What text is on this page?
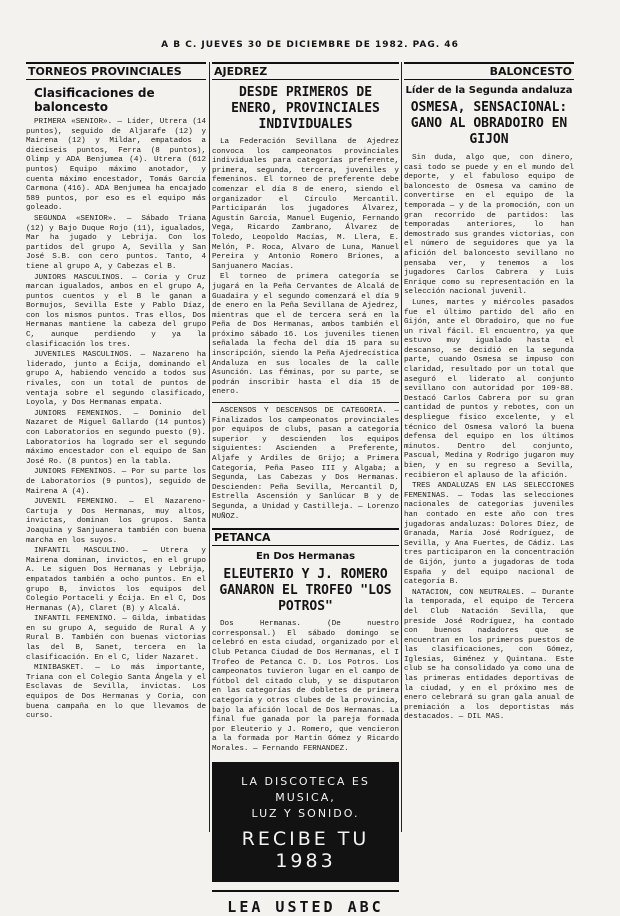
A B C. JUEVES 30 DE DICIEMBRE DE 1982. PAG. 46
TORNEOS PROVINCIALES
Clasificaciones de baloncesto

PRIMERA «SENIOR». — Líder, Utrera (14 puntos), seguido de Aljarafe (12) y Mairena (12) y Mildar, empatados a dieciseis puntos, Ferra (8 puntos), Olimp y ADA Benjumea (4). Utrera (612 puntos) Equipo máximo anotador, y cuenta máximo encestador, Tomás García Carmona (416). ADA Benjumea ha encajado 589 puntos, por eso es el equipo más goleado.

SEGUNDA «SENIOR». — Sábado Triana (12) y Bajo Duque Rojo (11), igualados, Mar ha jugado y Lebrija. Con los partidos del grupo A, Sevilla y San José S.B. con cero puntos. Tanto, 4 tiene al grupo A, y Cabezas el B.

JUNIORS MASCULINOS. — Coria y Cruz marcan igualados, ambos en el grupo A, puntos cuentos y el B le ganan a Bormujos, Sevilla Este y Pablo Díaz, con los mismos puntos. Tras ellos, Dos Hermanas mantiene la cabeza del grupo C, aunque perdiendo y ya la clasificación los tres.

JUVENILES MASCULINOS. — Nazareno ha liderado, junto a Écija, dominando el grupo A, habiendo vencido a todos sus rivales, con un total de puntos de ventaja sobre el segundo clasificado, Loyola, y Dos Hermanas empata.

JUNIORS FEMENINOS. — Dominio del Nazaret de Miguel Gallardo (14 puntos) con Laboratorios en segundo puesto (9). Laboratorios ha logrado ser el segundo máximo encestador con el equipo de San José Ro. (8 puntos) en la tabla.

JUNIORS FEMENINOS. — Por su parte los de Laboratorios (9 puntos), seguido de Mairena A (4).

JUVENIL FEMENINO. — El Nazareno-Cartuja y Dos Hermanas, muy altos, invictas, dominan los grupos. Santa Joaquina y Sanjuanera también con buena marcha en los suyos.

INFANTIL MASCULINO. — Utrera y Mairena dominan, invictos, en el grupo A. Le siguen Dos Hermanas y Lebrija, empatados también a ocho puntos. En el grupo B, invictos los equipos del Colegio Portaceli y Écija. En el C, Dos Hermanas (A), Claret (B) y Alcalá.

INFANTIL FEMENINO. — Gilda, imbatidas en su grupo A, seguido de Rural A y Rural B. También con buenas victorias las del B, Sanet, tercera en la clasificación. En el C, líder Nazaret.

MINIBASKET. — Lo más importante, Triana con el Colegio Santa Ángela y el Esclavas de Sevilla, invictas. Los equipos de Dos Hermanas y Coria, con buena campaña en lo que llevamos de curso.

AJEDREZ
DESDE PRIMEROS DE ENERO, PROVINCIALES INDIVIDUALES

La Federación Sevillana de Ajedrez convoca los campeonatos provinciales individuales para categorías preferente, primera, segunda, tercera, juveniles y femeninos. El torneo de preferente debe comenzar el día 8 de enero, siendo el organizador el Círculo Mercantil. Participarán los jugadores Álvarez, Agustín García, Manuel Eugenio, Fernando Vega, Ricardo Zambrano, Álvarez de Toledo, Leopoldo Macías, M. Llera, E. Melón, P. Roca, Alvaro de Luna, Manuel Pereira y Antonio Romero Briones, a Sanjuanero Macías.

El torneo de primera categoría se jugará en la Peña Cervantes de Alcalá de Guadaira y el segundo comenzará el día 9 de enero en la Peña Sevillana de Ajedrez, mientras que el de tercera será en la Peña de Dos Hermanas, ambos también el próximo sábado 16. Los juveniles tienen señalada la fecha del día 15 para su inscripción, siendo la Peña Ajedrecística Andaluza en sus locales de la calle Asunción. Las féminas, por su parte, se podrán inscribir hasta el día 15 de enero.

ASCENSOS Y DESCENSOS DE CATEGORIA. — Finalizados los campeonatos provinciales por equipos de clubs, pasan a categoría superior y descienden los equipos siguientes: Ascienden a Preferente, Aljafe y Ardiles de Grijo; a Primera Categoría, Peña Paseo III y Algaba; a Segunda, Las Cabezas y Dos Hermanas. Descienden: Peña Sevilla, Mercantil D, Estrella Ascensión y Sanlúcar B y de Segunda, a Unidad y Castilleja. — Lorenzo MUÑOZ.

PETANCA
En Dos Hermanas
ELEUTERIO Y J. ROMERO GANARON EL TROFEO "LOS POTROS"

Dos Hermanas. (De nuestro corresponsal.) El sábado domingo se celebró en esta ciudad, organizado por el Club Petanca Ciudad de Dos Hermanas, el I Trofeo de Petanca C. D. Los Potros. Los campeonatos tuvieron lugar en el campo de fútbol del citado club, y se disputaron en las categorías de dobletes de primera categoría y otros clubes de la provincia, bajo la afición local de Dos Hermanas. La final fue ganada por la pareja formada por Eleuterio y J. Romero, que vencieron a la formada por Martín Gómez y Ricardo Morales. — Fernando FERNANDEZ.

LA DISCOTECA ES MUSICA,
LUZ Y SONIDO.
RECIBE TU 1983
LEA USTED ABC
BALONCESTO
Líder de la Segunda andaluza
OSMESA, SENSACIONAL: GANO AL OBRADOIRO EN GIJON

Sin duda, algo que, con dinero, casi todo se puede y en el mundo del deporte, y el fabuloso equipo de baloncesto de Osmesa va camino de convertirse en el equipo de la temporada — y de la promoción, con un gran recorrido de partidos: las temporadas anteriores, lo han demostrado sus grandes victorias, con el número de seguidores que ya la afición del baloncesto sevillano no pensaba ver, y tenemos a los jugadores Carlos Cabrera y Luis Enrique como su representación en la selección nacional juvenil.

Lunes, martes y miércoles pasados fue el último partido del año en Gijón, ante el Obradoiro, que no fue un rival fácil. El encuentro, ya que estuvo muy igualado hasta el descanso, se decidió en la segunda parte, cuando Osmesa se impuso con claridad, resultado por un total que aseguró el liderato al conjunto sevillano con autoridad por 109-88. Destacó Carlos Cabrera por su gran cantidad de puntos y rebotes, con un despliegue físico excelente, y el técnico del Osmesa valoró la buena defensa del equipo en los últimos minutos. Dentro del conjunto, Pascual, Medina y Rodrigo jugaron muy bien, y en su regreso a Sevilla, recibieron el aplauso de la afición.

TRES ANDALUZAS EN LAS SELECCIONES FEMENINAS. — Todas las selecciones nacionales de categorías juveniles han contado en este año con tres jugadoras andaluzas: Dolores Díez, de Granada, María José Rodríguez, de Sevilla, y Ana Fuertes, de Cádiz. Las tres participaron en la concentración de Gijón, junto a jugadoras de toda España y del equipo nacional de categoría B.

NATACION, CON NEUTRALES. — Durante la temporada, el equipo de Tercera del Club Natación Sevilla, que preside José Rodríguez, ha contado con buenos nadadores que se encuentran en los primeros puestos de las clasificaciones, con Gómez, Iglesias, Giménez y Quintana. Este club se ha consolidado ya como una de las primeras entidades deportivas de la ciudad, y en el próximo mes de enero celebrará su gran gala anual de premiación a los deportistas más destacados. — DIL MAS.
